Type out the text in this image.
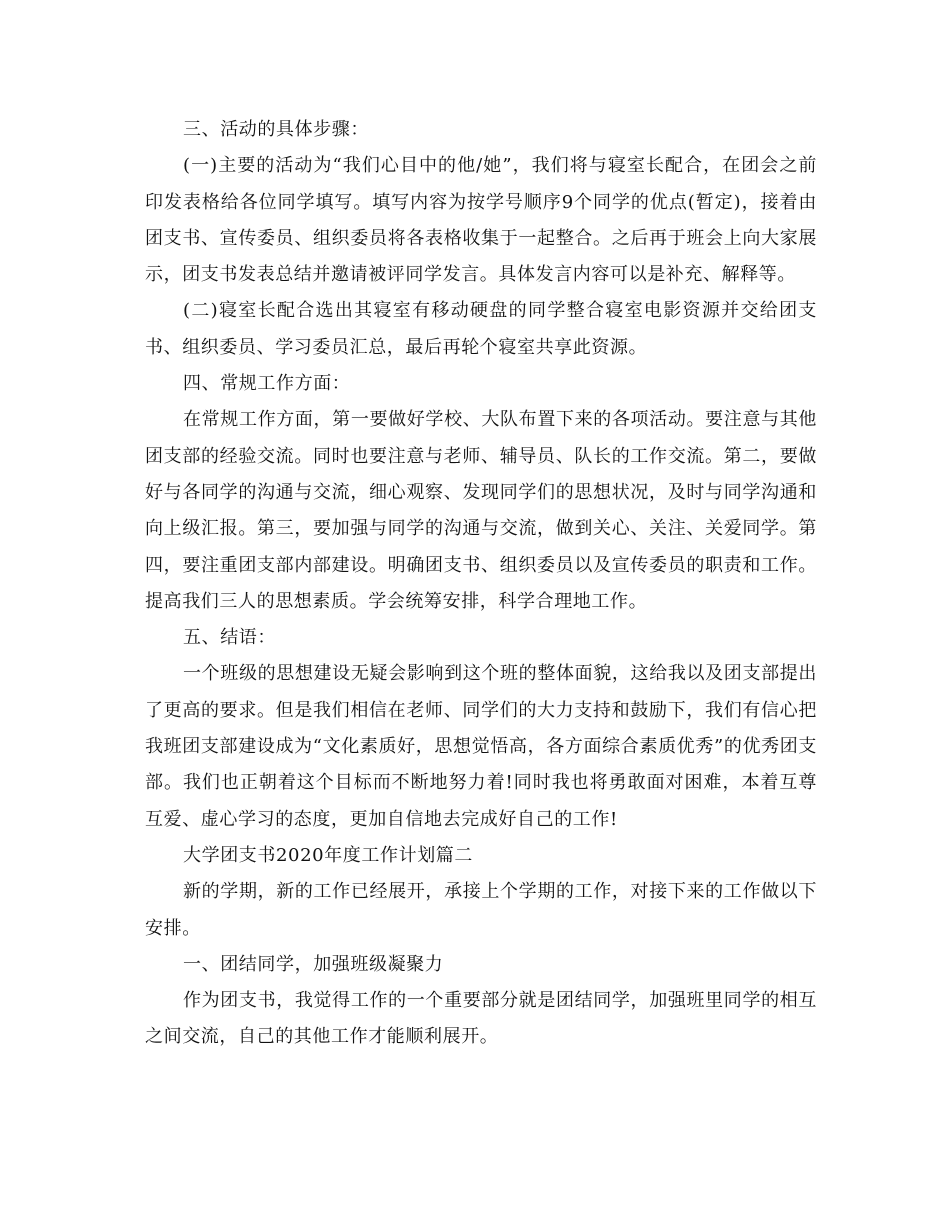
三、活动的具体步骤：

(一)主要的活动为“我们心目中的他/她”，我们将与寝室长配合，在团会之前印发表格给各位同学填写。填写内容为按学号顺序9个同学的优点(暂定)，接着由团支书、宣传委员、组织委员将各表格收集于一起整合。之后再于班会上向大家展示，团支书发表总结并邀请被评同学发言。具体发言内容可以是补充、解释等。

(二)寝室长配合选出其寝室有移动硬盘的同学整合寝室电影资源并交给团支书、组织委员、学习委员汇总，最后再轮个寝室共享此资源。

四、常规工作方面：

在常规工作方面，第一要做好学校、大队布置下来的各项活动。要注意与其他团支部的经验交流。同时也要注意与老师、辅导员、队长的工作交流。第二，要做好与各同学的沟通与交流，细心观察、发现同学们的思想状况，及时与同学沟通和向上级汇报。第三，要加强与同学的沟通与交流，做到关心、关注、关爱同学。第四，要注重团支部内部建设。明确团支书、组织委员以及宣传委员的职责和工作。提高我们三人的思想素质。学会统筹安排，科学合理地工作。

五、结语：

一个班级的思想建设无疑会影响到这个班的整体面貌，这给我以及团支部提出了更高的要求。但是我们相信在老师、同学们的大力支持和鼓励下，我们有信心把我班团支部建设成为“文化素质好，思想觉悟高，各方面综合素质优秀”的优秀团支部。我们也正朝着这个目标而不断地努力着!同时我也将勇敢面对困难，本着互尊互爱、虚心学习的态度，更加自信地去完成好自己的工作!

大学团支书2020年度工作计划篇二

新的学期，新的工作已经展开，承接上个学期的工作，对接下来的工作做以下安排。

一、团结同学，加强班级凝聚力

作为团支书，我觉得工作的一个重要部分就是团结同学，加强班里同学的相互之间交流，自己的其他工作才能顺利展开。
